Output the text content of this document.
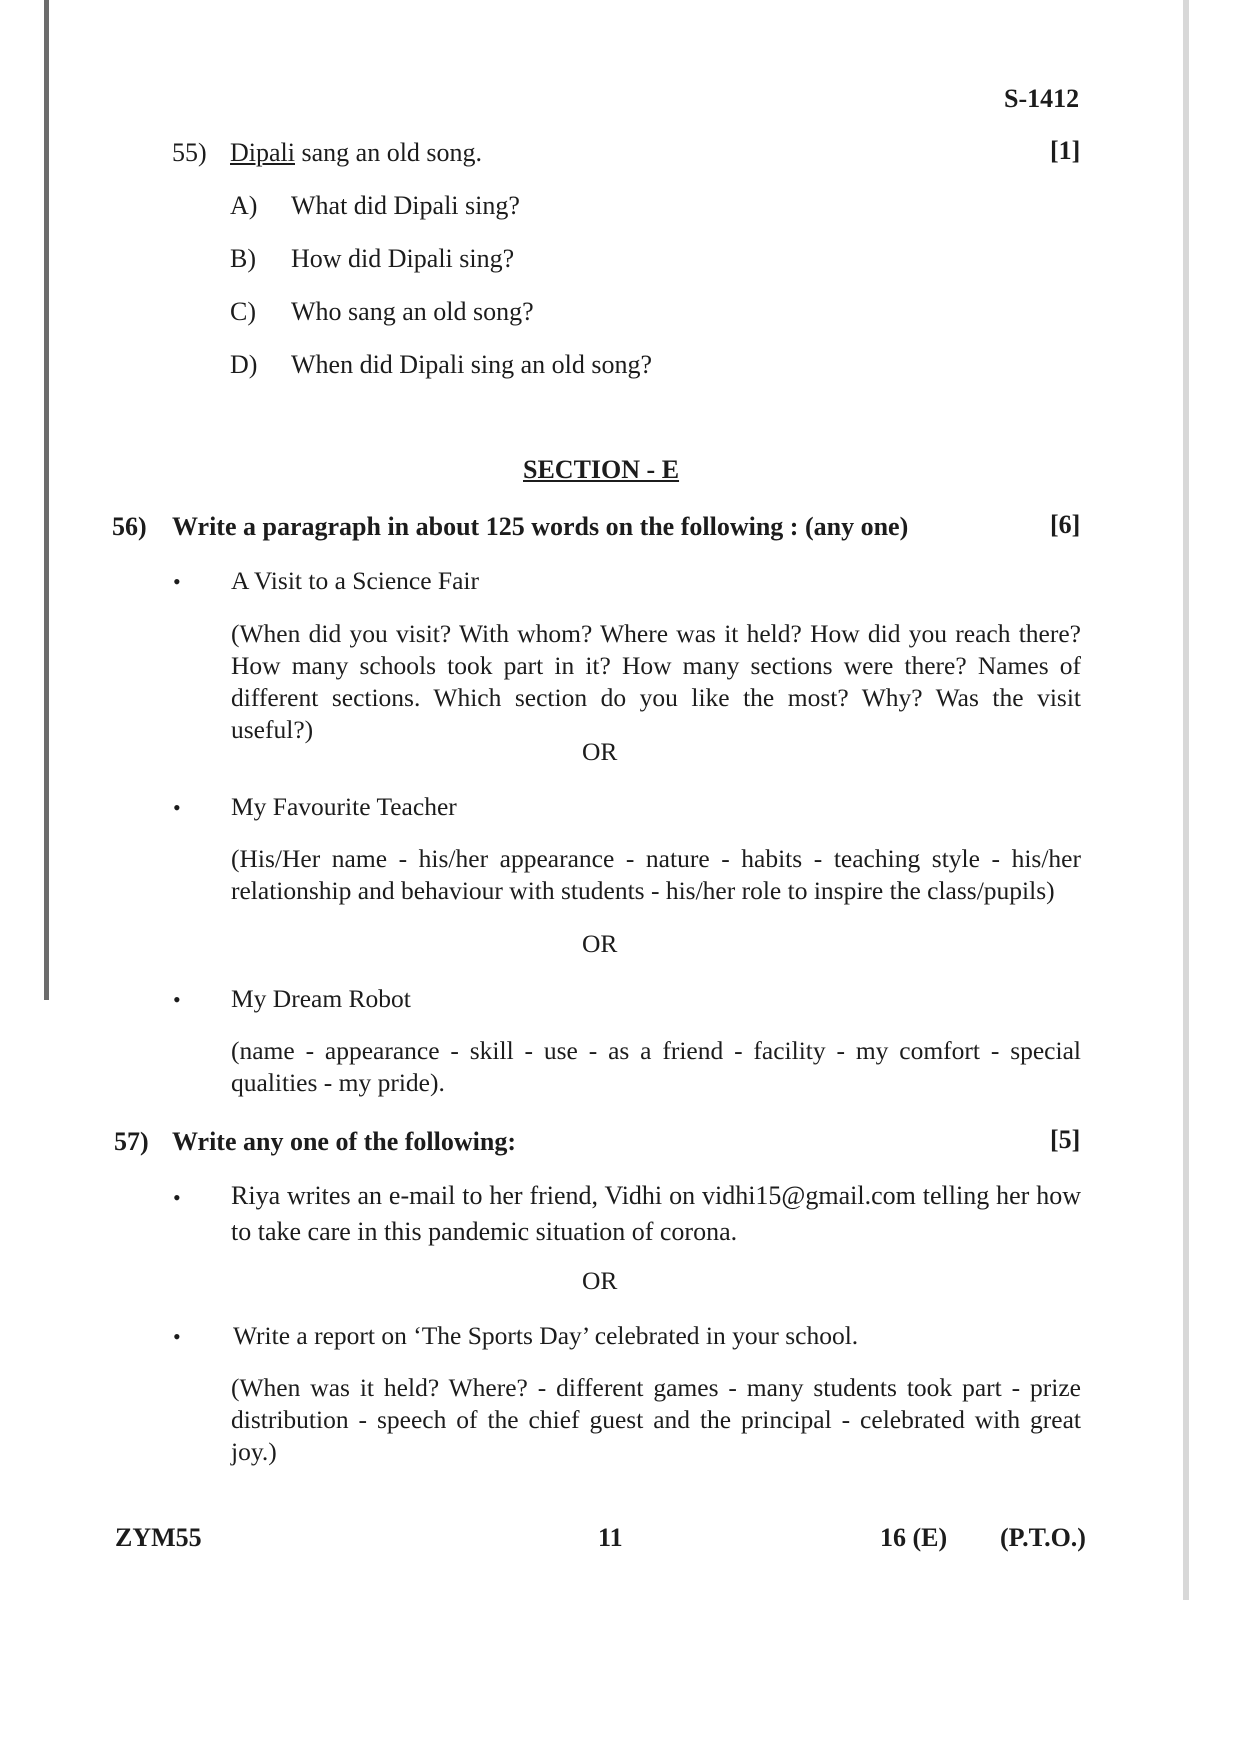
S-1412
55) Dipali sang an old song.	[1]
A) What did Dipali sing?
B) How did Dipali sing?
C) Who sang an old song?
D) When did Dipali sing an old song?
SECTION - E
56) Write a paragraph in about 125 words on the following : (any one)	[6]
• A Visit to a Science Fair
(When did you visit? With whom? Where was it held? How did you reach there? How many schools took part in it? How many sections were there? Names of different sections. Which section do you like the most? Why? Was the visit useful?)
OR
• My Favourite Teacher
(His/Her name - his/her appearance - nature - habits - teaching style - his/her relationship and behaviour with students - his/her role to inspire the class/pupils)
OR
• My Dream Robot
(name - appearance - skill - use - as a friend - facility - my comfort - special qualities - my pride).
57) Write any one of the following:	[5]
• Riya writes an e-mail to her friend, Vidhi on vidhi15@gmail.com telling her how to take care in this pandemic situation of corona.
OR
• Write a report on ‘The Sports Day’ celebrated in your school.
(When was it held? Where? - different games - many students took part - prize distribution - speech of the chief guest and the principal - celebrated with great joy.)
ZYM55	11	16 (E) (P.T.O.)
